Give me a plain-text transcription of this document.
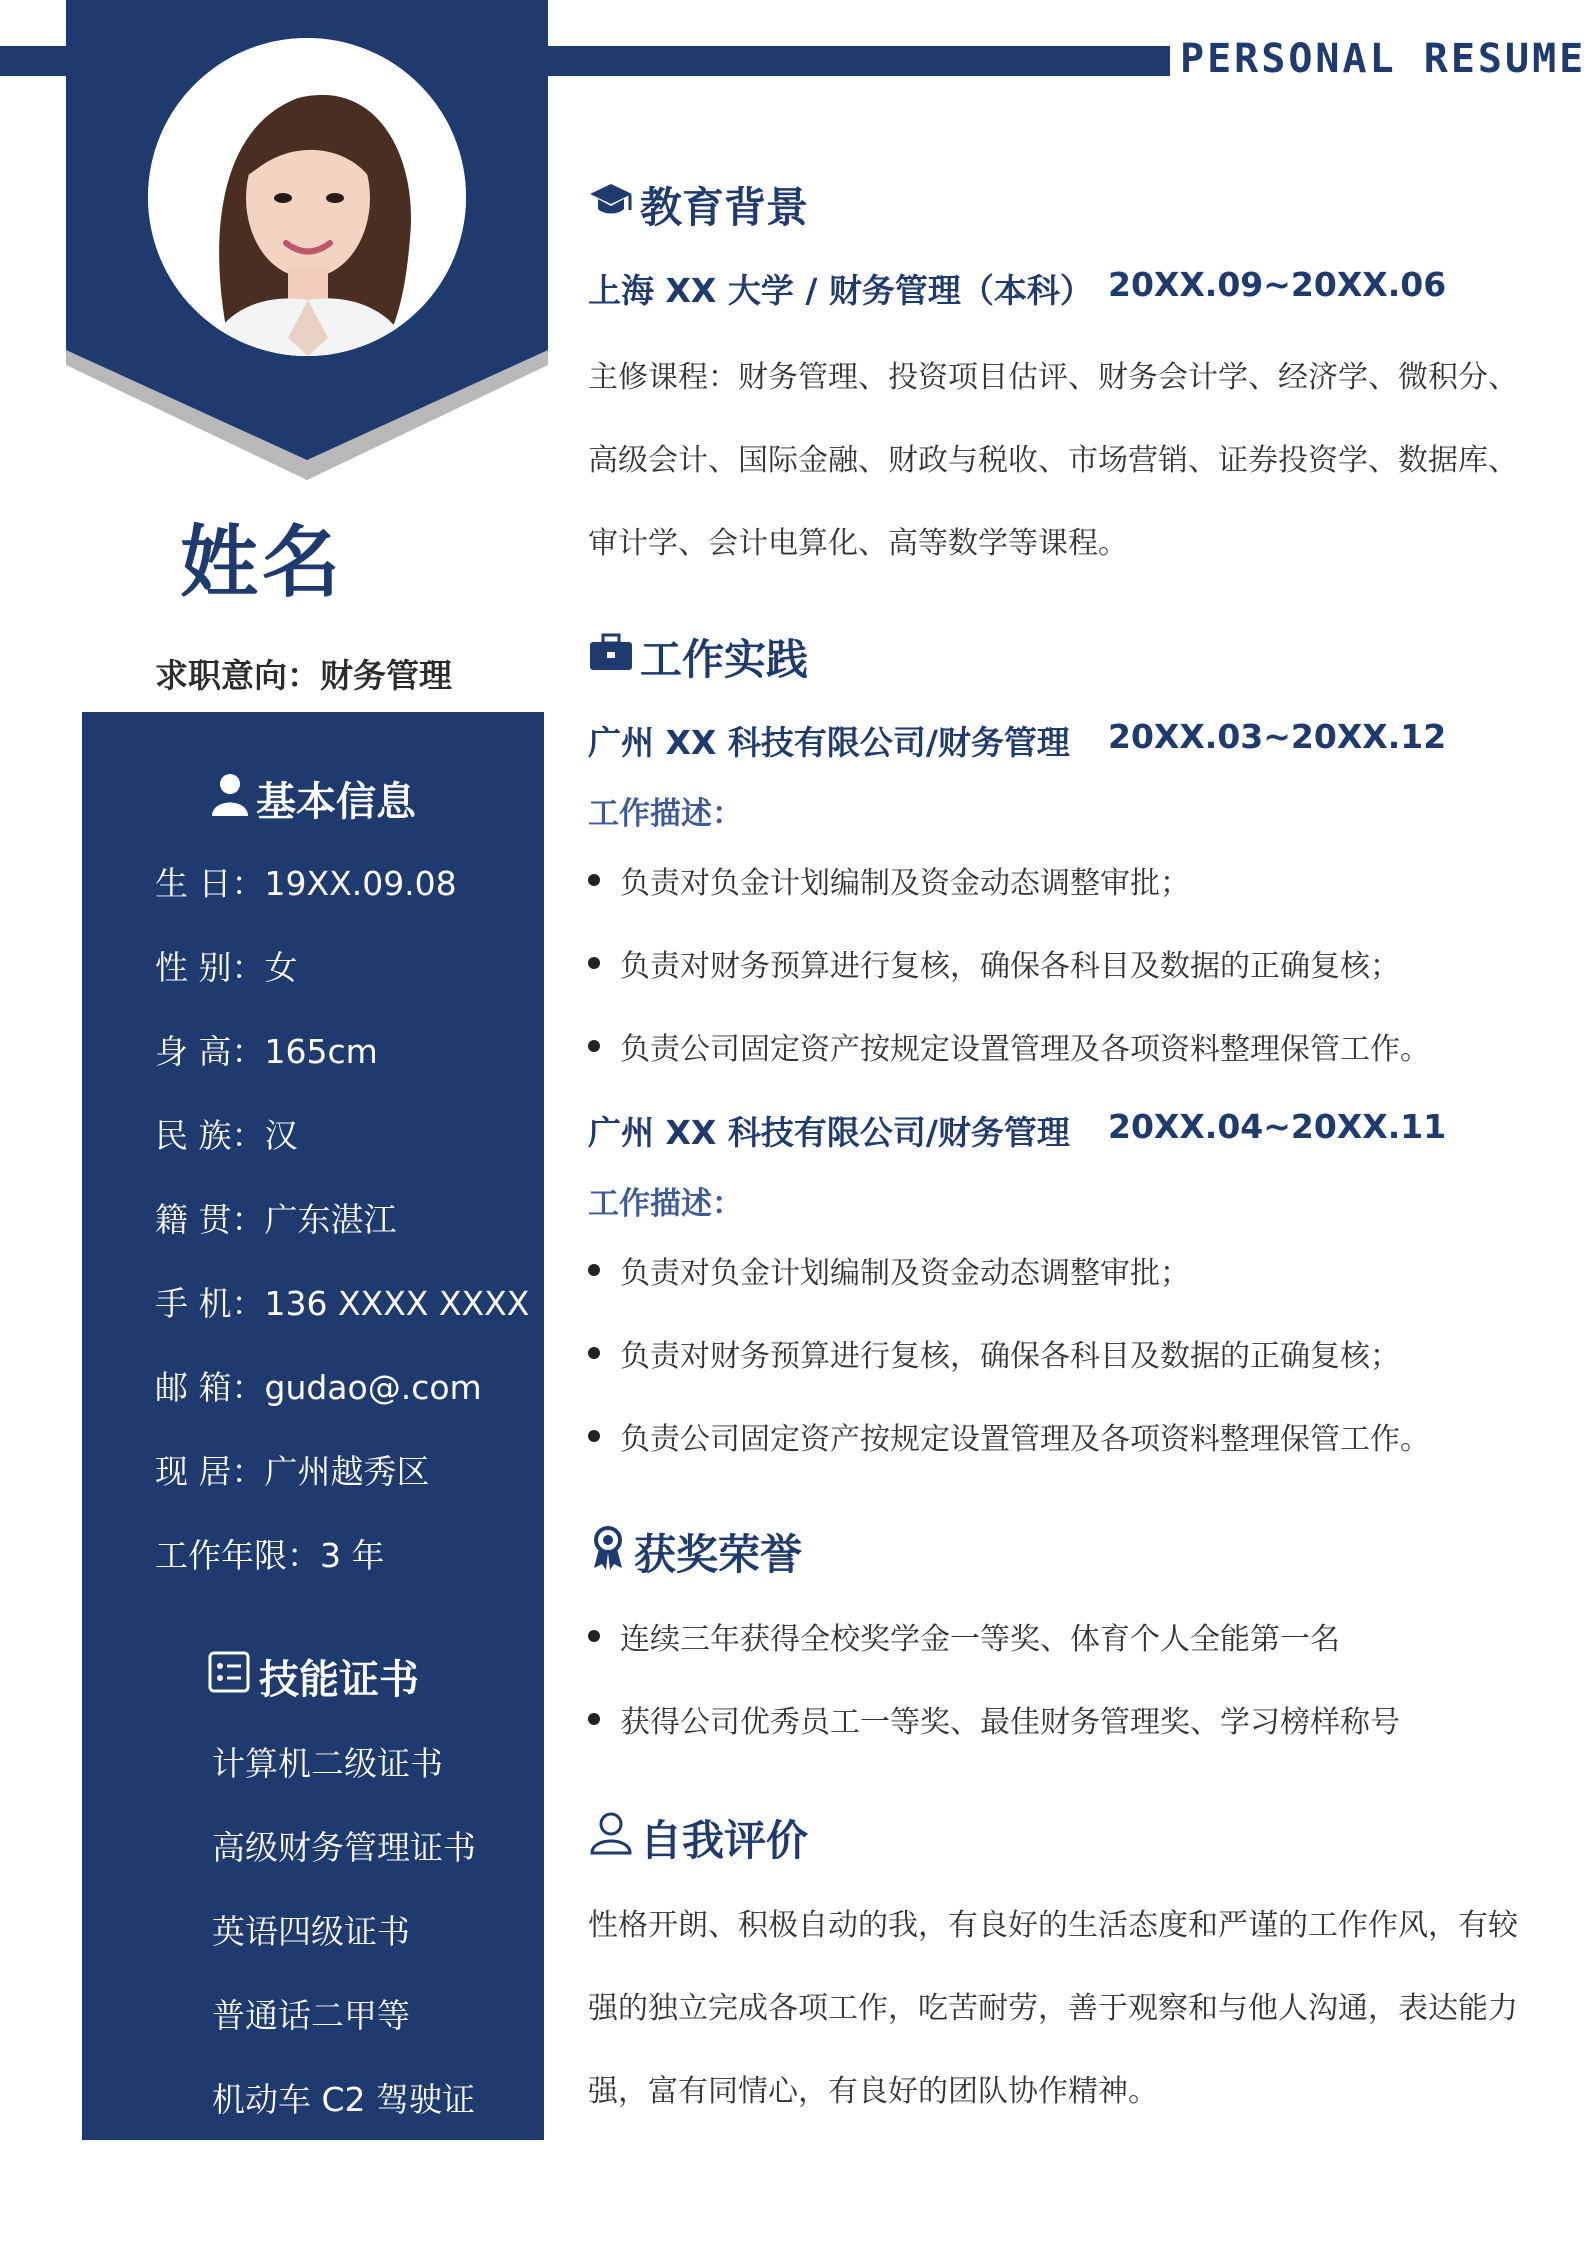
PERSONAL RESUME
姓名
求职意向：财务管理
基本信息
生 日：19XX.09.08
性 别：女
身 高：165cm
民 族：汉
籍 贯：广东湛江
手 机：136 XXXX XXXX
邮 箱：gudao@.com
现 居：广州越秀区
工作年限：3 年
技能证书
计算机二级证书
高级财务管理证书
英语四级证书
普通话二甲等
机动车 C2 驾驶证
教育背景
上海 XX 大学 / 财务管理（本科） 20XX.09~20XX.06
主修课程：财务管理、投资项目估评、财务会计学、经济学、微积分、
高级会计、国际金融、财政与税收、市场营销、证券投资学、数据库、
审计学、会计电算化、高等数学等课程。
工作实践
广州 XX 科技有限公司/财务管理 20XX.03~20XX.12
工作描述：
负责对负金计划编制及资金动态调整审批；
负责对财务预算进行复核，确保各科目及数据的正确复核；
负责公司固定资产按规定设置管理及各项资料整理保管工作。
广州 XX 科技有限公司/财务管理 20XX.04~20XX.11
工作描述：
负责对负金计划编制及资金动态调整审批；
负责对财务预算进行复核，确保各科目及数据的正确复核；
负责公司固定资产按规定设置管理及各项资料整理保管工作。
获奖荣誉
连续三年获得全校奖学金一等奖、体育个人全能第一名
获得公司优秀员工一等奖、最佳财务管理奖、学习榜样称号
自我评价
性格开朗、积极自动的我，有良好的生活态度和严谨的工作作风，有较
强的独立完成各项工作，吃苦耐劳，善于观察和与他人沟通，表达能力
强，富有同情心，有良好的团队协作精神。
